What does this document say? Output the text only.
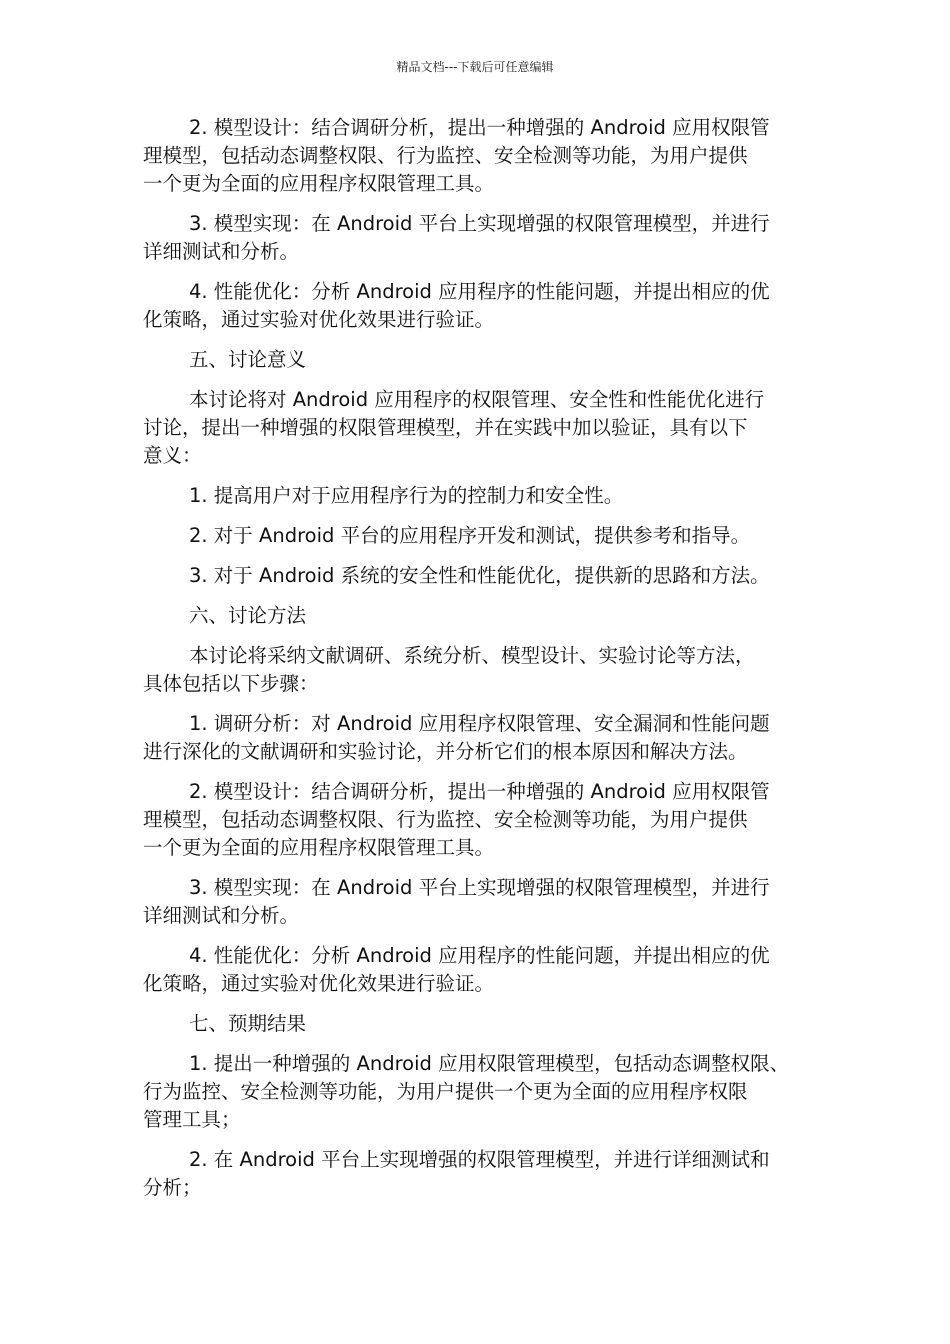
精品文档---下载后可任意编辑

2. 模型设计：结合调研分析，提出一种增强的 Android 应用权限管
理模型，包括动态调整权限、行为监控、安全检测等功能，为用户提供
一个更为全面的应用程序权限管理工具。

3. 模型实现：在 Android 平台上实现增强的权限管理模型，并进行
详细测试和分析。

4. 性能优化：分析 Android 应用程序的性能问题，并提出相应的优
化策略，通过实验对优化效果进行验证。

五、讨论意义

本讨论将对 Android 应用程序的权限管理、安全性和性能优化进行
讨论，提出一种增强的权限管理模型，并在实践中加以验证，具有以下
意义：

1. 提高用户对于应用程序行为的控制力和安全性。

2. 对于 Android 平台的应用程序开发和测试，提供参考和指导。

3. 对于 Android 系统的安全性和性能优化，提供新的思路和方法。

六、讨论方法

本讨论将采纳文献调研、系统分析、模型设计、实验讨论等方法，
具体包括以下步骤：

1. 调研分析：对 Android 应用程序权限管理、安全漏洞和性能问题
进行深化的文献调研和实验讨论，并分析它们的根本原因和解决方法。

2. 模型设计：结合调研分析，提出一种增强的 Android 应用权限管
理模型，包括动态调整权限、行为监控、安全检测等功能，为用户提供
一个更为全面的应用程序权限管理工具。

3. 模型实现：在 Android 平台上实现增强的权限管理模型，并进行
详细测试和分析。

4. 性能优化：分析 Android 应用程序的性能问题，并提出相应的优
化策略，通过实验对优化效果进行验证。

七、预期结果

1. 提出一种增强的 Android 应用权限管理模型，包括动态调整权限、
行为监控、安全检测等功能，为用户提供一个更为全面的应用程序权限
管理工具；

2. 在 Android 平台上实现增强的权限管理模型，并进行详细测试和
分析；
